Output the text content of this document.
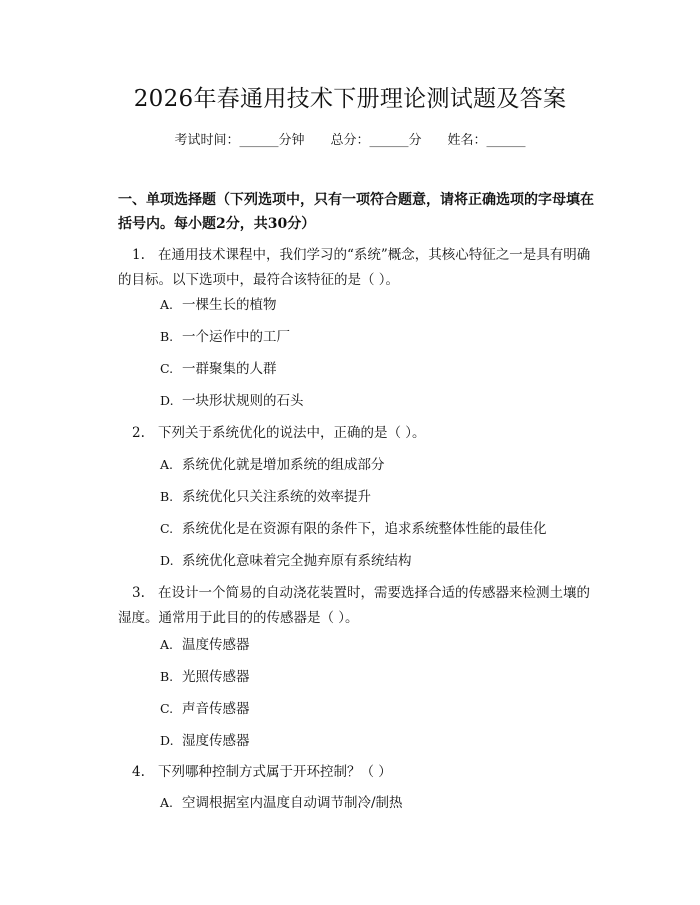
2026年春通用技术下册理论测试题及答案
考试时间：______分钟 总分：______分 姓名：______
一、单项选择题（下列选项中，只有一项符合题意，请将正确选项的字母填在括号内。每小题2分，共30分）
1. 在通用技术课程中，我们学习的“系统”概念，其核心特征之一是具有明确的目标。以下选项中，最符合该特征的是（ ）。
A. 一棵生长的植物
B. 一个运作中的工厂
C. 一群聚集的人群
D. 一块形状规则的石头
2. 下列关于系统优化的说法中，正确的是（ ）。
A. 系统优化就是增加系统的组成部分
B. 系统优化只关注系统的效率提升
C. 系统优化是在资源有限的条件下，追求系统整体性能的最佳化
D. 系统优化意味着完全抛弃原有系统结构
3. 在设计一个简易的自动浇花装置时，需要选择合适的传感器来检测土壤的湿度。通常用于此目的的传感器是（ ）。
A. 温度传感器
B. 光照传感器
C. 声音传感器
D. 湿度传感器
4. 下列哪种控制方式属于开环控制？（ ）
A. 空调根据室内温度自动调节制冷/制热
